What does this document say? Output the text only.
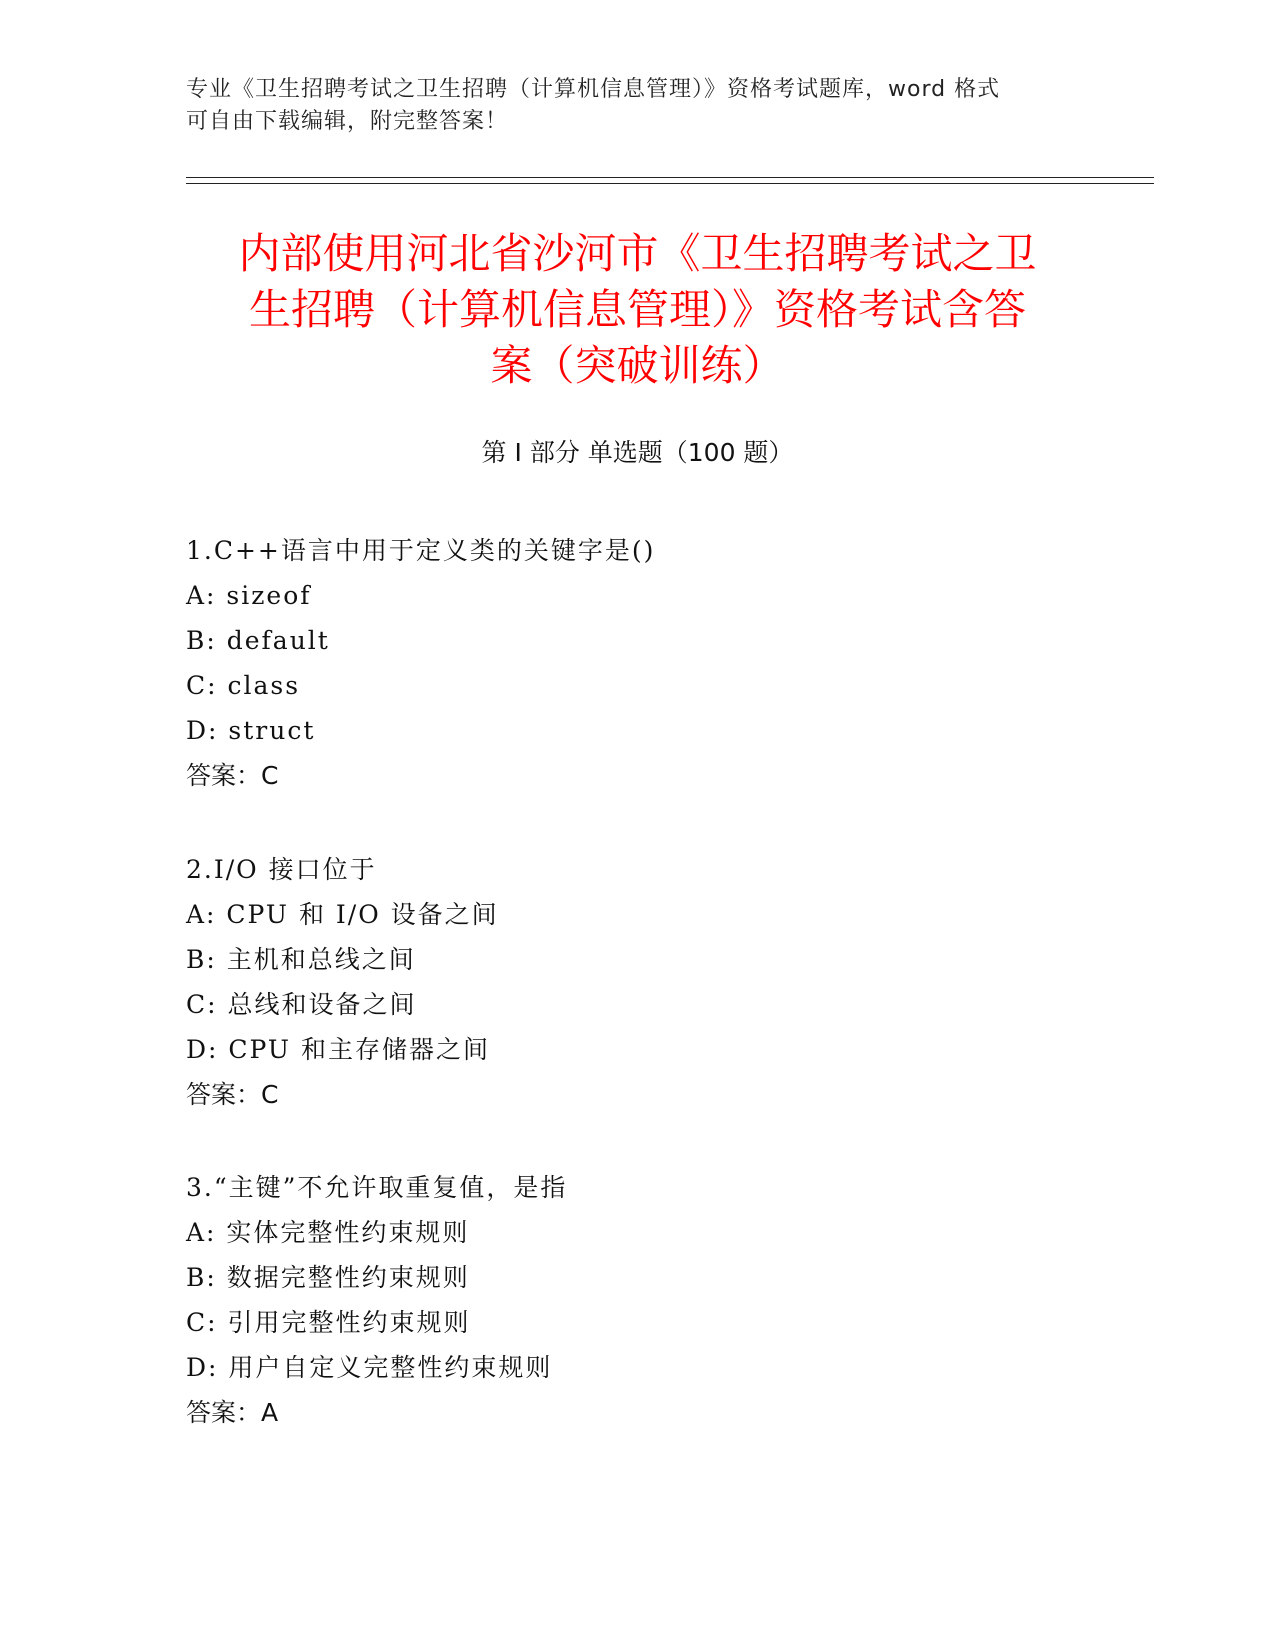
专业《卫生招聘考试之卫生招聘（计算机信息管理）》资格考试题库，word 格式
可自由下载编辑，附完整答案！
内部使用河北省沙河市《卫生招聘考试之卫
生招聘（计算机信息管理）》资格考试含答
案（突破训练）
第 I 部分 单选题（100 题）
1.C++语言中用于定义类的关键字是()
A: sizeof
B: default
C: class
D: struct
答案：C
2.I/O 接口位于
A: CPU 和 I/O 设备之间
B: 主机和总线之间
C: 总线和设备之间
D: CPU 和主存储器之间
答案：C
3.“主键”不允许取重复值，是指
A: 实体完整性约束规则
B: 数据完整性约束规则
C: 引用完整性约束规则
D: 用户自定义完整性约束规则
答案：A
